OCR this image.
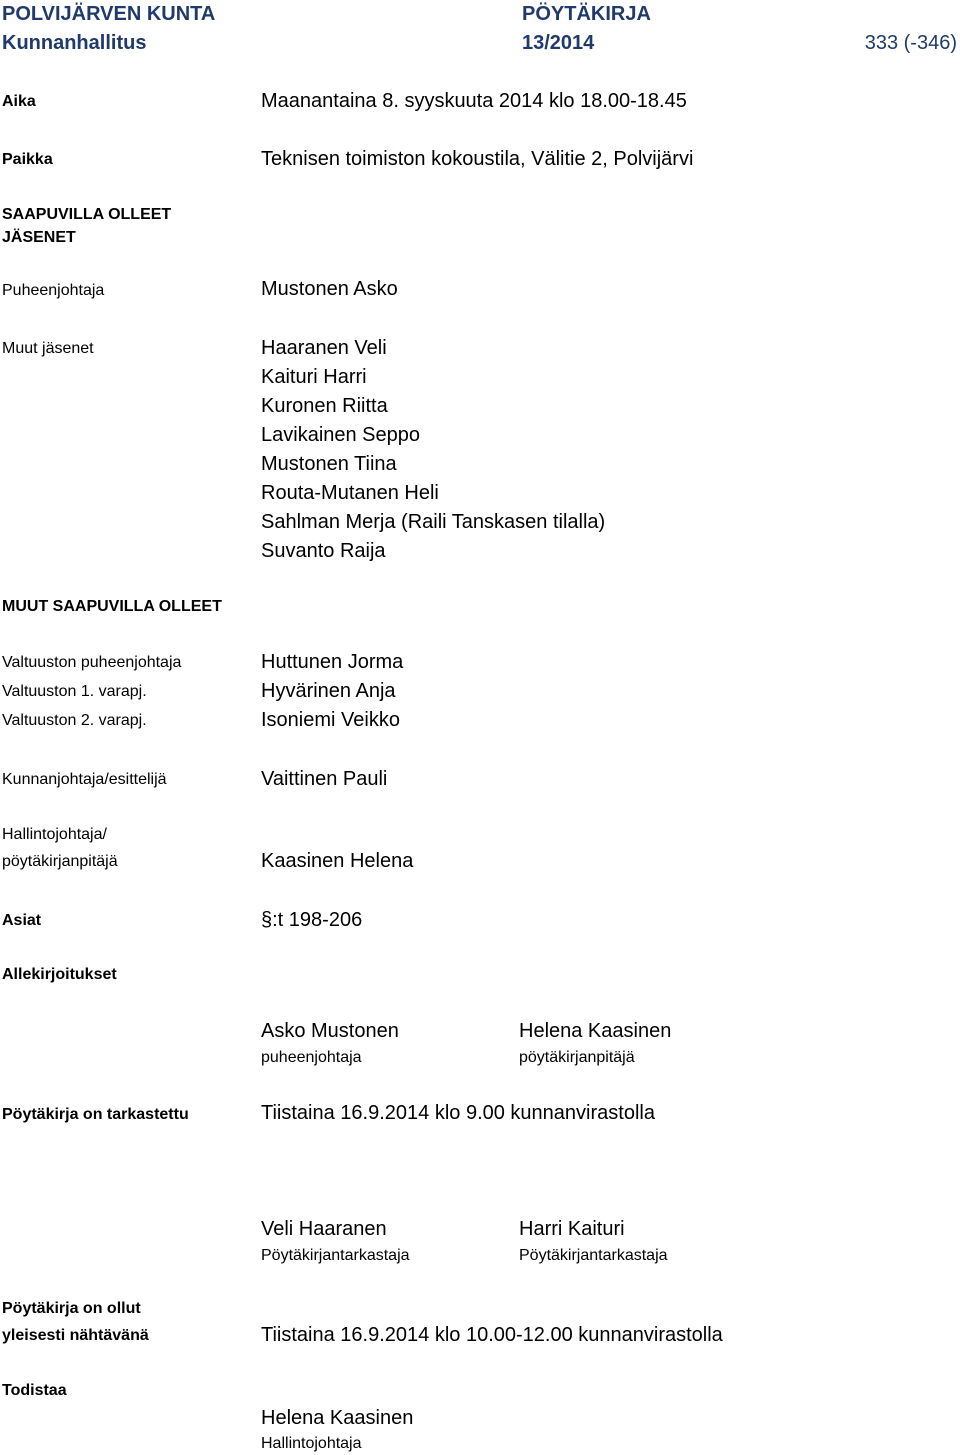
POLVIJÄRVEN KUNTA
Kunnanhallitus
PÖYTÄKIRJA
13/2014	333 (-346)
Aika	Maanantaina 8. syyskuuta 2014 klo 18.00-18.45
Paikka	Teknisen toimiston kokoustila, Välitie 2, Polvijärvi
SAAPUVILLA OLLEET
JÄSENET
Puheenjohtaja	Mustonen Asko
Muut jäsenet	Haaranen Veli
Kaituri Harri
Kuronen Riitta
Lavikainen Seppo
Mustonen Tiina
Routa-Mutanen Heli
Sahlman Merja (Raili Tanskasen tilalla)
Suvanto Raija
MUUT SAAPUVILLA OLLEET
Valtuuston puheenjohtaja	Huttunen Jorma
Valtuuston 1. varapj.	Hyvärinen Anja
Valtuuston 2. varapj.	Isoniemi Veikko
Kunnanjohtaja/esittelijä	Vaittinen Pauli
Hallintojohtaja/
pöytäkirjanpitäjä	Kaasinen Helena
Asiat	§:t 198-206
Allekirjoitukset
Asko Mustonen
puheenjohtaja
Helena Kaasinen
pöytäkirjanpitäjä
Pöytäkirja on tarkastettu	Tiistaina 16.9.2014 klo 9.00 kunnanvirastolla
Veli Haaranen
Pöytäkirjantarkastaja
Harri Kaituri
Pöytäkirjantarkastaja
Pöytäkirja on ollut
yleisesti nähtävänä	Tiistaina 16.9.2014 klo 10.00-12.00 kunnanvirastolla
Todistaa
Helena Kaasinen
Hallintojohtaja
